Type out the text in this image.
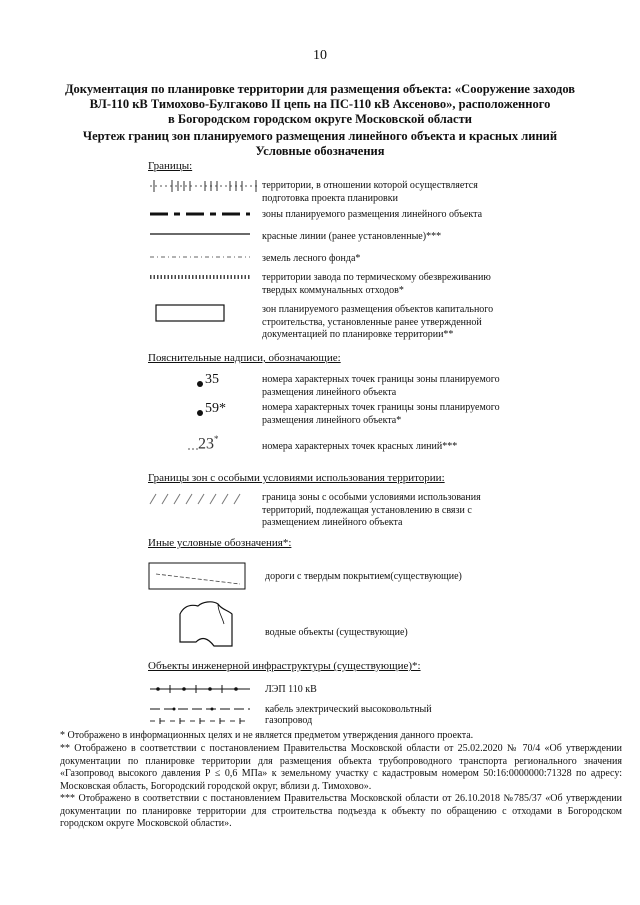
10
Документация по планировке территории для размещения объекта: «Сооружение заходов
ВЛ-110 кВ Тимохово-Булгаково II цепь на ПС-110 кВ Аксеново», расположенного
в Богородском городском округе Московской области
Чертеж границ зон планируемого размещения линейного объекта и красных линий
Условные обозначения
Границы:
территории, в отношении которой осуществляется
подготовка проекта планировки
зоны планируемого размещения линейного объекта
красные линии (ранее установленные)***
земель лесного фонда*
территории завода по термическому обезвреживанию
твердых коммунальных отходов*
зон планируемого размещения объектов капитального
строительства, установленные ранее утвержденной
документацией по планировке территории**
Пояснительные надписи, обозначающие:
35	номера характерных точек границы зоны планируемого
размещения линейного объекта
59*	номера характерных точек границы зоны планируемого
размещения линейного объекта*
23*
номера характерных точек красных линий***
Границы зон с особыми условиями использования территории:
граница зоны с особыми условиями использования
территорий, подлежащая установлению в связи с
размещением линейного объекта
Иные условные обозначения*:
дороги с твердым покрытием(существующие)
водные объекты (существующие)
Объекты инженерной инфраструктуры (существующие)*:
ЛЭП 110 кВ
кабель электрический высоковольтный
газопровод
* Отображено в информационных целях и не является предметом утверждения данного проекта.
** Отображено в соответствии с постановлением Правительства Московской области от 25.02.2020 № 70/4 «Об утверждении документации по планировке территории для размещения объекта трубопроводного транспорта регионального значения «Газопровод высокого давления Р ≤ 0,6 МПа» к земельному участку с кадастровым номером 50:16:0000000:71328 по адресу: Московская область, Богородский городской округ, вблизи д. Тимохово».
*** Отображено в соответствии с постановлением Правительства Московской области от 26.10.2018 №785/37 «Об утверждении документации по планировке территории для строительства подъезда к объекту по обращению с отходами в Богородском городском округе Московской области».
